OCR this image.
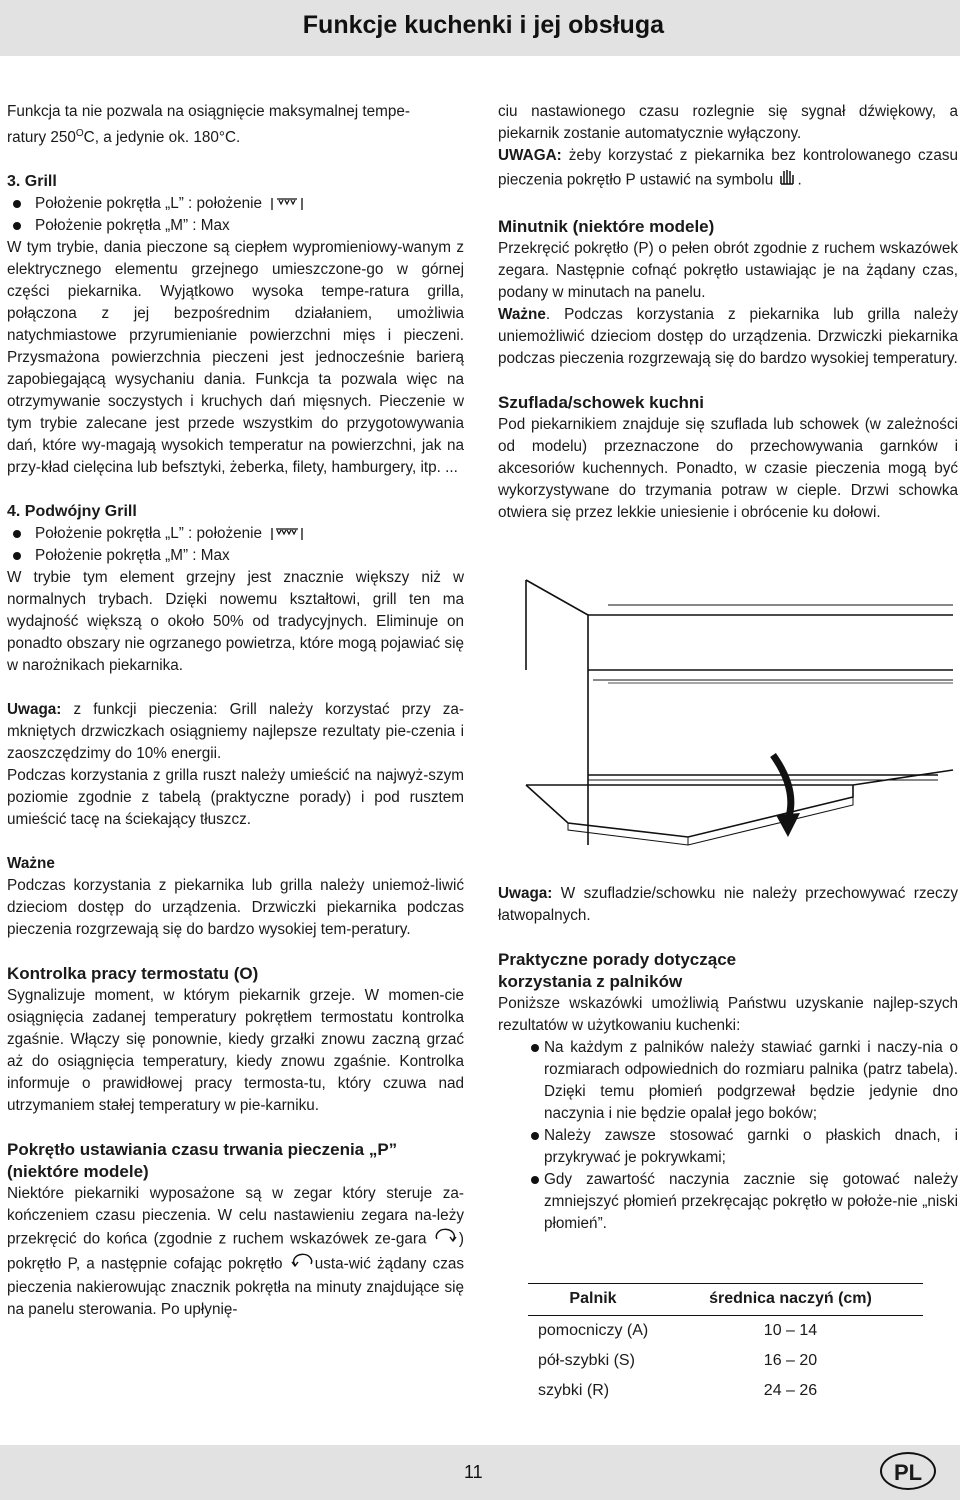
Funkcje kuchenki i jej obsługa

Funkcja ta nie pozwala na osiągnięcie maksymalnej tempe-

ratury $250^OC$, a jedynie ok. 180°C.

3. Grill

Położenie pokrętła „L” : położenie

Położenie pokrętła „M” : Max

W tym trybie, dania pieczone są ciepłem wypromieniowy-wanym z elektrycznego elementu grzejnego umieszczone-go w górnej części piekarnika. Wyjątkowo wysoka tempe-ratura grilla, połączona z jej bezpośrednim działaniem, umożliwia natychmiastowe przyrumienianie powierzchni mięs i pieczeni. Przysmażona powierzchnia pieczeni jest jednocześnie barierą zapobiegającą wysychaniu dania. Funkcja ta pozwala więc na otrzymywanie soczystych i kruchych dań mięsnych. Pieczenie w tym trybie zalecane jest przede wszystkim do przygotowywania dań, które wy-magają wysokich temperatur na powierzchni, jak na przy-kład cielęcina lub befsztyki, żeberka, filety, hamburgery, itp. ...

4. Podwójny Grill

Położenie pokrętła „L” : położenie

Położenie pokrętła „M” : Max

W trybie tym element grzejny jest znacznie większy niż w normalnych trybach. Dzięki nowemu kształtowi, grill ten ma wydajność większą o około 50% od tradycyjnych. Eliminuje on ponadto obszary nie ogrzanego powietrza, które mogą pojawiać się w narożnikach piekarnika.

Uwaga: z funkcji pieczenia: Grill należy korzystać przy za-mkniętych drzwiczkach osiągniemy najlepsze rezultaty pie-czenia i zaoszczędzimy do 10% energii.

Podczas korzystania z grilla ruszt należy umieścić na najwyż-szym poziomie zgodnie z tabelą (praktyczne porady) i pod rusztem umieścić tacę na ściekający tłuszcz.

Ważne

Podczas korzystania z piekarnika lub grilla należy uniemoż-liwić dzieciom dostęp do urządzenia. Drzwiczki piekarnika podczas pieczenia rozgrzewają się do bardzo wysokiej tem-peratury.

Kontrolka pracy termostatu (O)

Sygnalizuje moment, w którym piekarnik grzeje. W momen-cie osiągnięcia zadanej temperatury pokrętłem termostatu kontrolka zgaśnie. Włączy się ponownie, kiedy grzałki znowu zaczną grzać aż do osiągnięcia temperatury, kiedy znowu zgaśnie. Kontrolka informuje o prawidłowej pracy termosta-tu, który czuwa nad utrzymaniem stałej temperatury w pie-karniku.

Pokrętło ustawiania czasu trwania pieczenia „P”

(niektóre modele)

Niektóre piekarniki wyposażone są w zegar który steruje za-kończeniem czasu pieczenia. W celu nastawieniu zegara na-leży przekręcić do końca (zgodnie z ruchem wskazówek ze-gara ) pokrętło P, a następnie cofając pokrętło usta-wić żądany czas pieczenia nakierowując znacznik pokrętła na minuty znajdujące się na panelu sterowania. Po upłynię-

ciu nastawionego czasu rozlegnie się sygnał dźwiękowy, a piekarnik zostanie automatycznie wyłączony.

UWAGA: żeby korzystać z piekarnika bez kontrolowanego czasu pieczenia pokrętło P ustawić na symbolu .

Minutnik (niektóre modele)

Przekręcić pokrętło (P) o pełen obrót zgodnie z ruchem wskazówek zegara. Następnie cofnąć pokrętło ustawiając je na żądany czas, podany w minutach na panelu.

Ważne. Podczas korzystania z piekarnika lub grilla należy uniemożliwić dzieciom dostęp do urządzenia. Drzwiczki piekarnika podczas pieczenia rozgrzewają się do bardzo wysokiej temperatury.

Szuflada/schowek kuchni

Pod piekarnikiem znajduje się szuflada lub schowek (w zależności od modelu) przeznaczone do przechowywania garnków i akcesoriów kuchennych. Ponadto, w czasie pieczenia mogą być wykorzystywane do trzymania potraw w cieple. Drzwi schowka otwiera się przez lekkie uniesienie i obrócenie ku dołowi.

Uwaga: W szufladzie/schowku nie należy przechowywać rzeczy łatwopalnych.

Praktyczne porady dotyczące

korzystania z palników

Poniższe wskazówki umożliwią Państwu uzyskanie najlep-szych rezultatów w użytkowaniu kuchenki:

Na każdym z palników należy stawiać garnki i naczy-nia o rozmiarach odpowiednich do rozmiaru palnika (patrz tabela). Dzięki temu płomień podgrzewał będzie jedynie dno naczynia i nie będzie opalał jego boków;

Należy zawsze stosować garnki o płaskich dnach, i przykrywać je pokrywkami;

Gdy zawartość naczynia zacznie się gotować należy zmniejszyć płomień przekręcając pokrętło w położe-nie „niski płomień”.

Palnik	średnica naczyń (cm)
pomocniczy (A)	10 – 14
pół-szybki (S)	16 – 20
szybki (R)	24 – 26
11	PL
